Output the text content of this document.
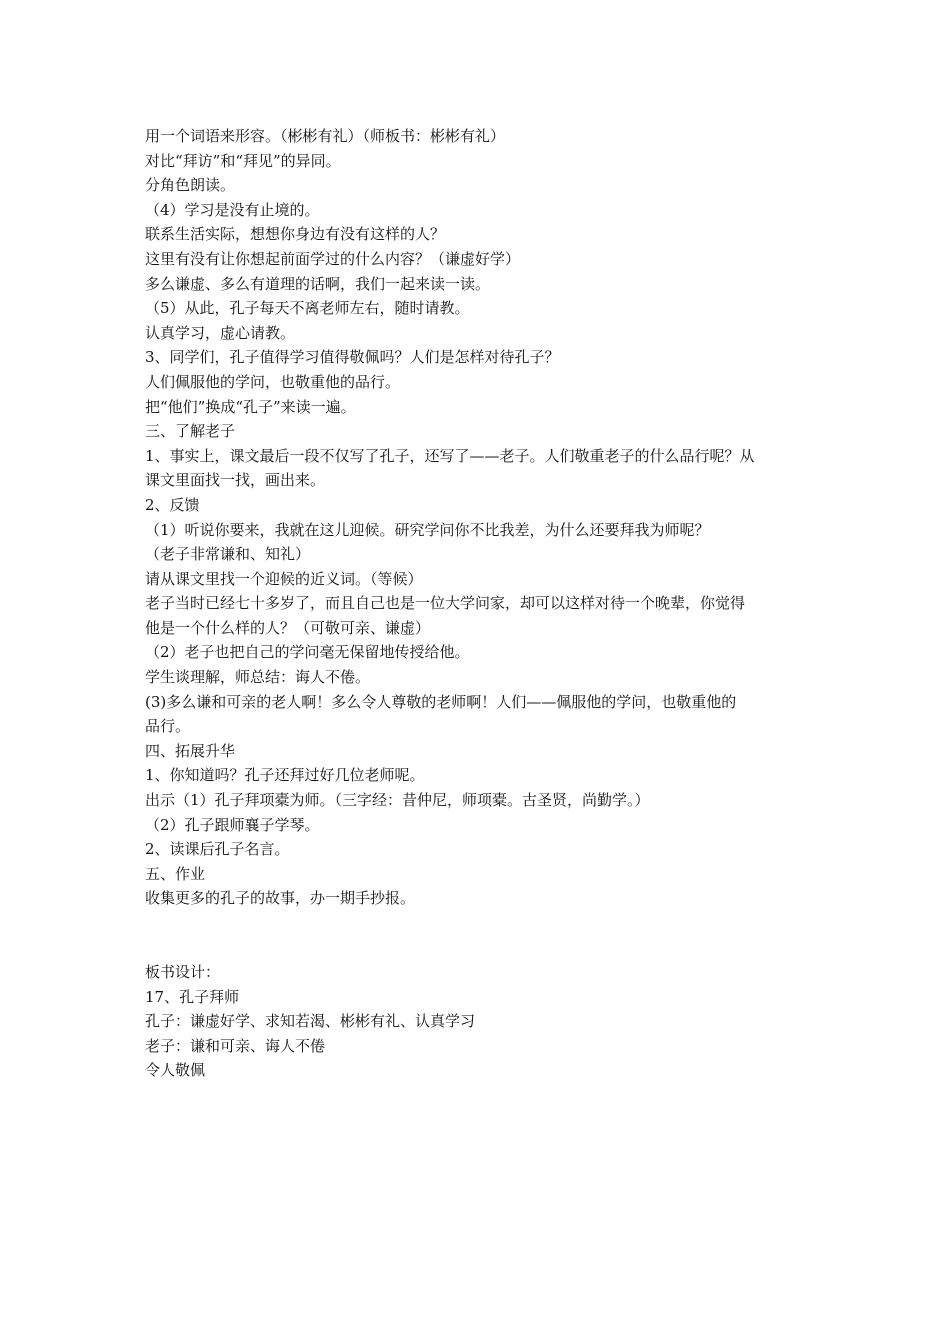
用一个词语来形容。（彬彬有礼）（师板书：彬彬有礼）
对比“拜访”和“拜见”的异同。
分角色朗读。
（4）学习是没有止境的。
联系生活实际，想想你身边有没有这样的人？
这里有没有让你想起前面学过的什么内容？（谦虚好学）
多么谦虚、多么有道理的话啊，我们一起来读一读。
（5）从此，孔子每天不离老师左右，随时请教。
认真学习，虚心请教。
3、同学们，孔子值得学习值得敬佩吗？人们是怎样对待孔子？
人们佩服他的学问，也敬重他的品行。
把“他们”换成“孔子”来读一遍。
三、了解老子
1、事实上，课文最后一段不仅写了孔子，还写了——老子。人们敬重老子的什么品行呢？从
课文里面找一找，画出来。
2、反馈
（1）听说你要来，我就在这儿迎候。研究学问你不比我差，为什么还要拜我为师呢？
（老子非常谦和、知礼）
请从课文里找一个迎候的近义词。（等候）
老子当时已经七十多岁了，而且自己也是一位大学问家，却可以这样对待一个晚辈，你觉得
他是一个什么样的人？（可敬可亲、谦虚）
（2）老子也把自己的学问毫无保留地传授给他。
学生谈理解，师总结：诲人不倦。
(3)多么谦和可亲的老人啊！多么令人尊敬的老师啊！人们——佩服他的学问，也敬重他的
品行。
四、拓展升华
1、你知道吗？孔子还拜过好几位老师呢。
出示（1）孔子拜项橐为师。（三字经：昔仲尼，师项橐。古圣贤，尚勤学。）
（2）孔子跟师襄子学琴。
2、读课后孔子名言。
五、作业
收集更多的孔子的故事，办一期手抄报。
板书设计：
17、孔子拜师
孔子：谦虚好学、求知若渴、彬彬有礼、认真学习
老子：谦和可亲、诲人不倦
令人敬佩
